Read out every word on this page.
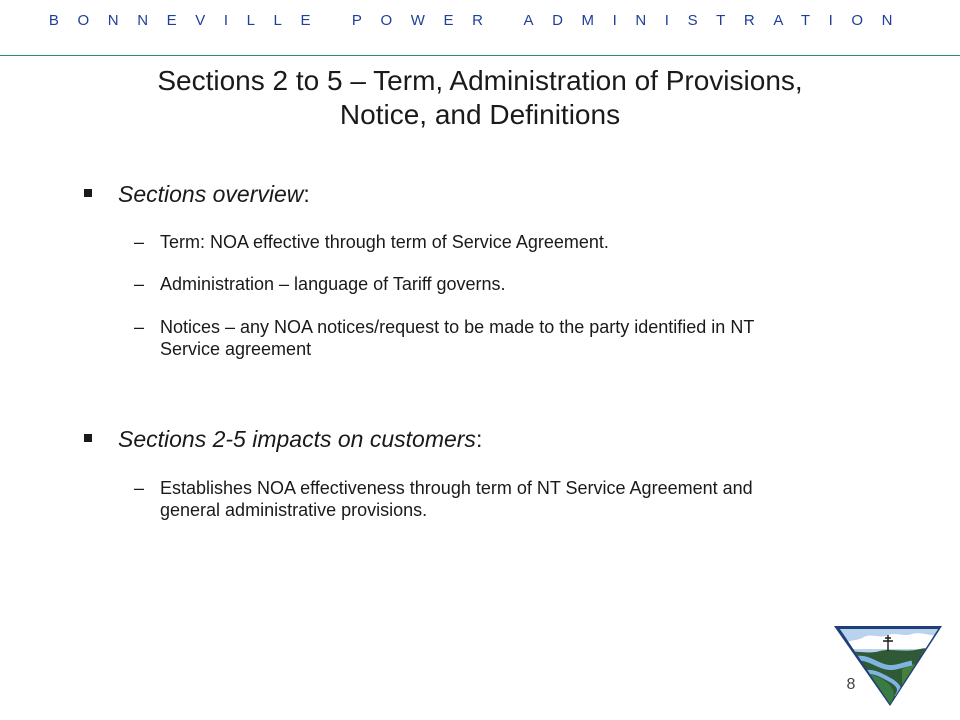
BONNEVILLE POWER ADMINISTRATION
Sections 2 to 5 – Term, Administration of Provisions,
Notice, and Definitions
Sections overview:
– Term: NOA effective through term of Service Agreement.
– Administration – language of Tariff governs.
– Notices – any NOA notices/request to be made to the party identified in NT Service agreement
Sections 2-5 impacts on customers:
– Establishes NOA effectiveness through term of NT Service Agreement and general administrative provisions.
8
